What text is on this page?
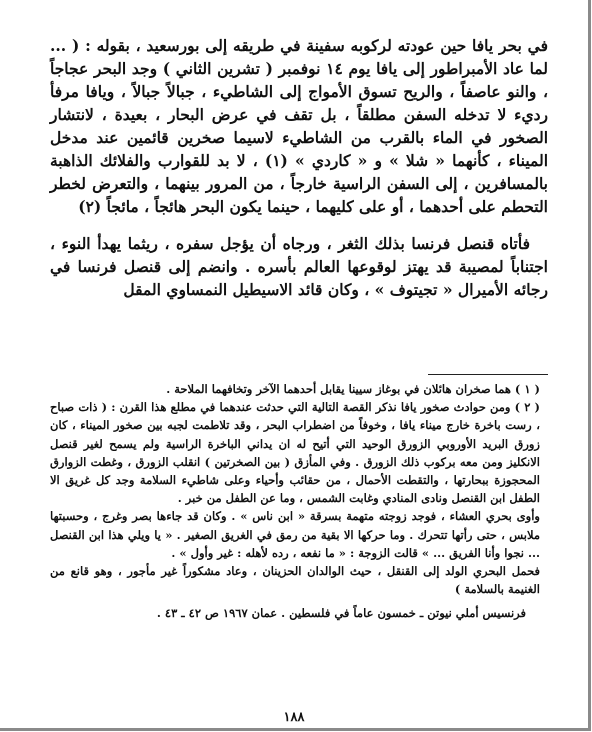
في بحر يافا حين عودته لركوبه سفينة في طريقه إلى بورسعيد ، بقوله : ( ... لما عاد الأمبراطور إلى يافا يوم ١٤ نوفمبر ( تشرين الثاني ) وجد البحر عجاجاً ، والنو عاصفاً ، والريح تسوق الأمواج إلى الشاطيء ، جبالاً جبالاً ، ويافا مرفأ رديء لا تدخله السفن مطلقاً ، بل تقف في عرض البحار ، بعيدة ، لانتشار الصخور في الماء بالقرب من الشاطيء لاسيما صخرين قائمين عند مدخل الميناء ، كأنهما « شلا » و « كاردي » (١) ، لا بد للقوارب والفلائك الذاهبة بالمسافرين ، إلى السفن الراسية خارجاً ، من المرور بينهما ، والتعرض لخطر التحطم على أحدهما ، أو على كليهما ، حينما يكون البحر هائجاً ، مائجاً (٢)

فأتاه قنصل فرنسا بذلك الثغر ، ورجاه أن يؤجل سفره ، ريثما يهدأ النوء ، اجتناباً لمصيبة قد يهتز لوقوعها العالم بأسره . وانضم إلى قنصل فرنسا في رجائه الأميرال « تجيتوف » ، وكان قائد الاسيطيل النمساوي المقل

( ١ ) هما صخران هائلان في بوغاز سيينا يقابل أحدهما الآخر وتخافهما الملاحة .

( ٢ ) ومن حوادث صخور يافا نذكر القصة التالية التي حدثت عندهما في مطلع هذا القرن : ( ذات صباح ، رست باخرة خارج ميناء يافا ، وخوفاً من اضطراب البحر ، وقد تلاطمت لجبه بين صخور الميناء ، كان زورق البريد الأوروبي الزورق الوحيد التي أتيح له ان يداني الباخرة الراسية ولم يسمح لغير قنصل الانكليز ومن معه بركوب ذلك الزورق . وفي المأزق ( بين الصخرتين ) انقلب الزورق ، وغطت الزوارق المحجوزة ببحارتها ، والتقطت الأحمال ، من حقائب وأحياء وعلى شاطيء السلامة وجد كل غريق الا الطفل ابن القنصل ونادى المنادي وغابت الشمس ، وما عن الطفل من خبر .

وأوى بحري العشاء ، فوجد زوجته متهمة بسرقة « ابن ناس » . وكان قد جاءها بصر وغرج ، وحسبتها ملابس ، حتى رأتها تتحرك . وما حركها الا بقية من رمق في الغريق الصغير . « يا ويلي هذا ابن القنصل ... نجوا وأنا الفريق ... » قالت الزوجة : « ما نفعه ، رده لأهله : غير وأول » .

فحمل البحري الولد إلى القنقل ، حيث الوالدان الحزينان ، وعاد مشكوراً غير مأجور ، وهو قانع من الغنيمة بالسلامة )

فرنسيس أملي نيوتن ـ خمسون عاماً في فلسطين . عمان ١٩٦٧ ص ٤٢ ـ ٤٣ .

١٨٨
